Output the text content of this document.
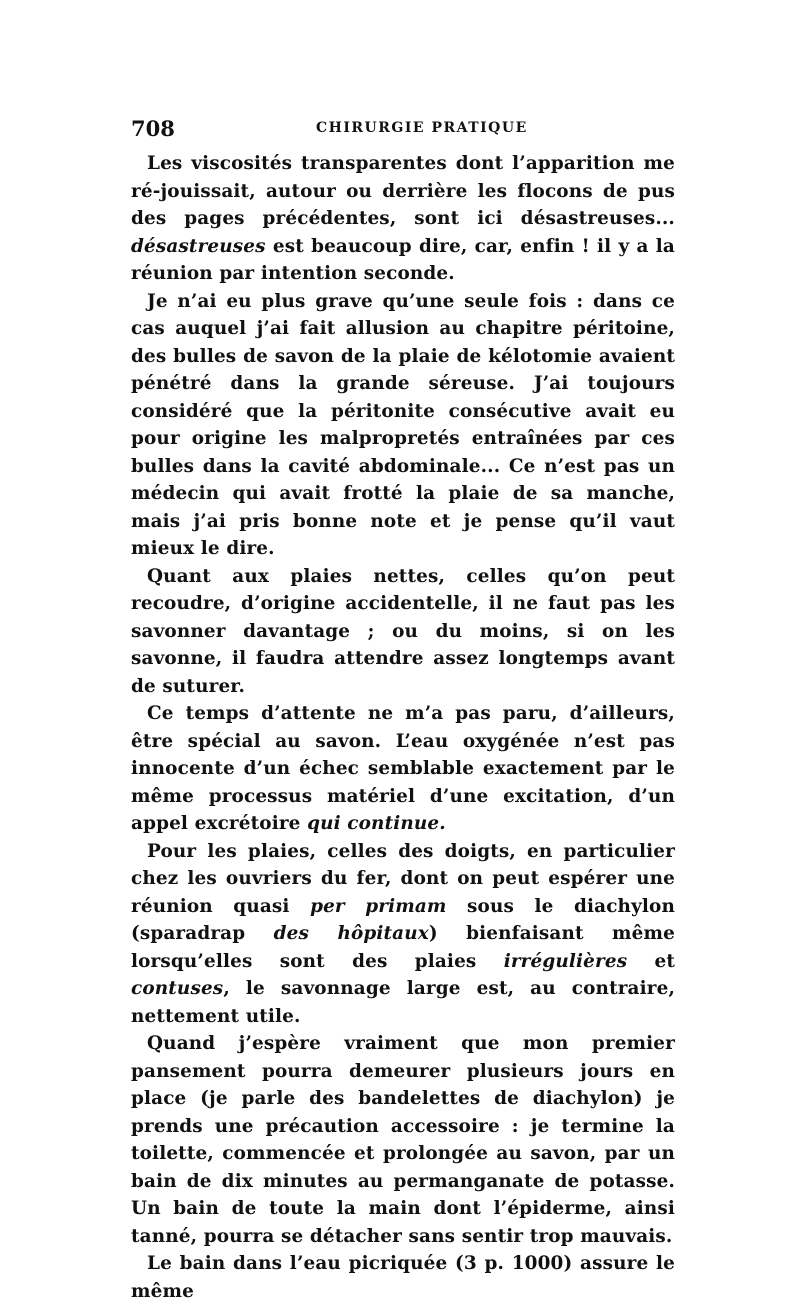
708	CHIRURGIE PRATIQUE

Les viscosités transparentes dont l’apparition me ré-jouissait, autour ou derrière les flocons de pus des pages précédentes, sont ici désastreuses... désastreuses est beaucoup dire, car, enfin ! il y a la réunion par intention seconde.

Je n’ai eu plus grave qu’une seule fois : dans ce cas auquel j’ai fait allusion au chapitre péritoine, des bulles de savon de la plaie de kélotomie avaient pénétré dans la grande séreuse. J’ai toujours considéré que la péritonite consécutive avait eu pour origine les malpropretés entraînées par ces bulles dans la cavité abdominale... Ce n’est pas un médecin qui avait frotté la plaie de sa manche, mais j’ai pris bonne note et je pense qu’il vaut mieux le dire.

Quant aux plaies nettes, celles qu’on peut recoudre, d’origine accidentelle, il ne faut pas les savonner davantage ; ou du moins, si on les savonne, il faudra attendre assez longtemps avant de suturer.

Ce temps d’attente ne m’a pas paru, d’ailleurs, être spécial au savon. L’eau oxygénée n’est pas innocente d’un échec semblable exactement par le même processus matériel d’une excitation, d’un appel excrétoire qui continue.

Pour les plaies, celles des doigts, en particulier chez les ouvriers du fer, dont on peut espérer une réunion quasi per primam sous le diachylon (sparadrap des hôpitaux) bienfaisant même lorsqu’elles sont des plaies irrégulières et contuses, le savonnage large est, au contraire, nettement utile.

Quand j’espère vraiment que mon premier pansement pourra demeurer plusieurs jours en place (je parle des bandelettes de diachylon) je prends une précaution accessoire : je termine la toilette, commencée et prolongée au savon, par un bain de dix minutes au permanganate de potasse. Un bain de toute la main dont l’épiderme, ainsi tanné, pourra se détacher sans sentir trop mauvais.

Le bain dans l’eau picriquée (3 p. 1000) assure le même
